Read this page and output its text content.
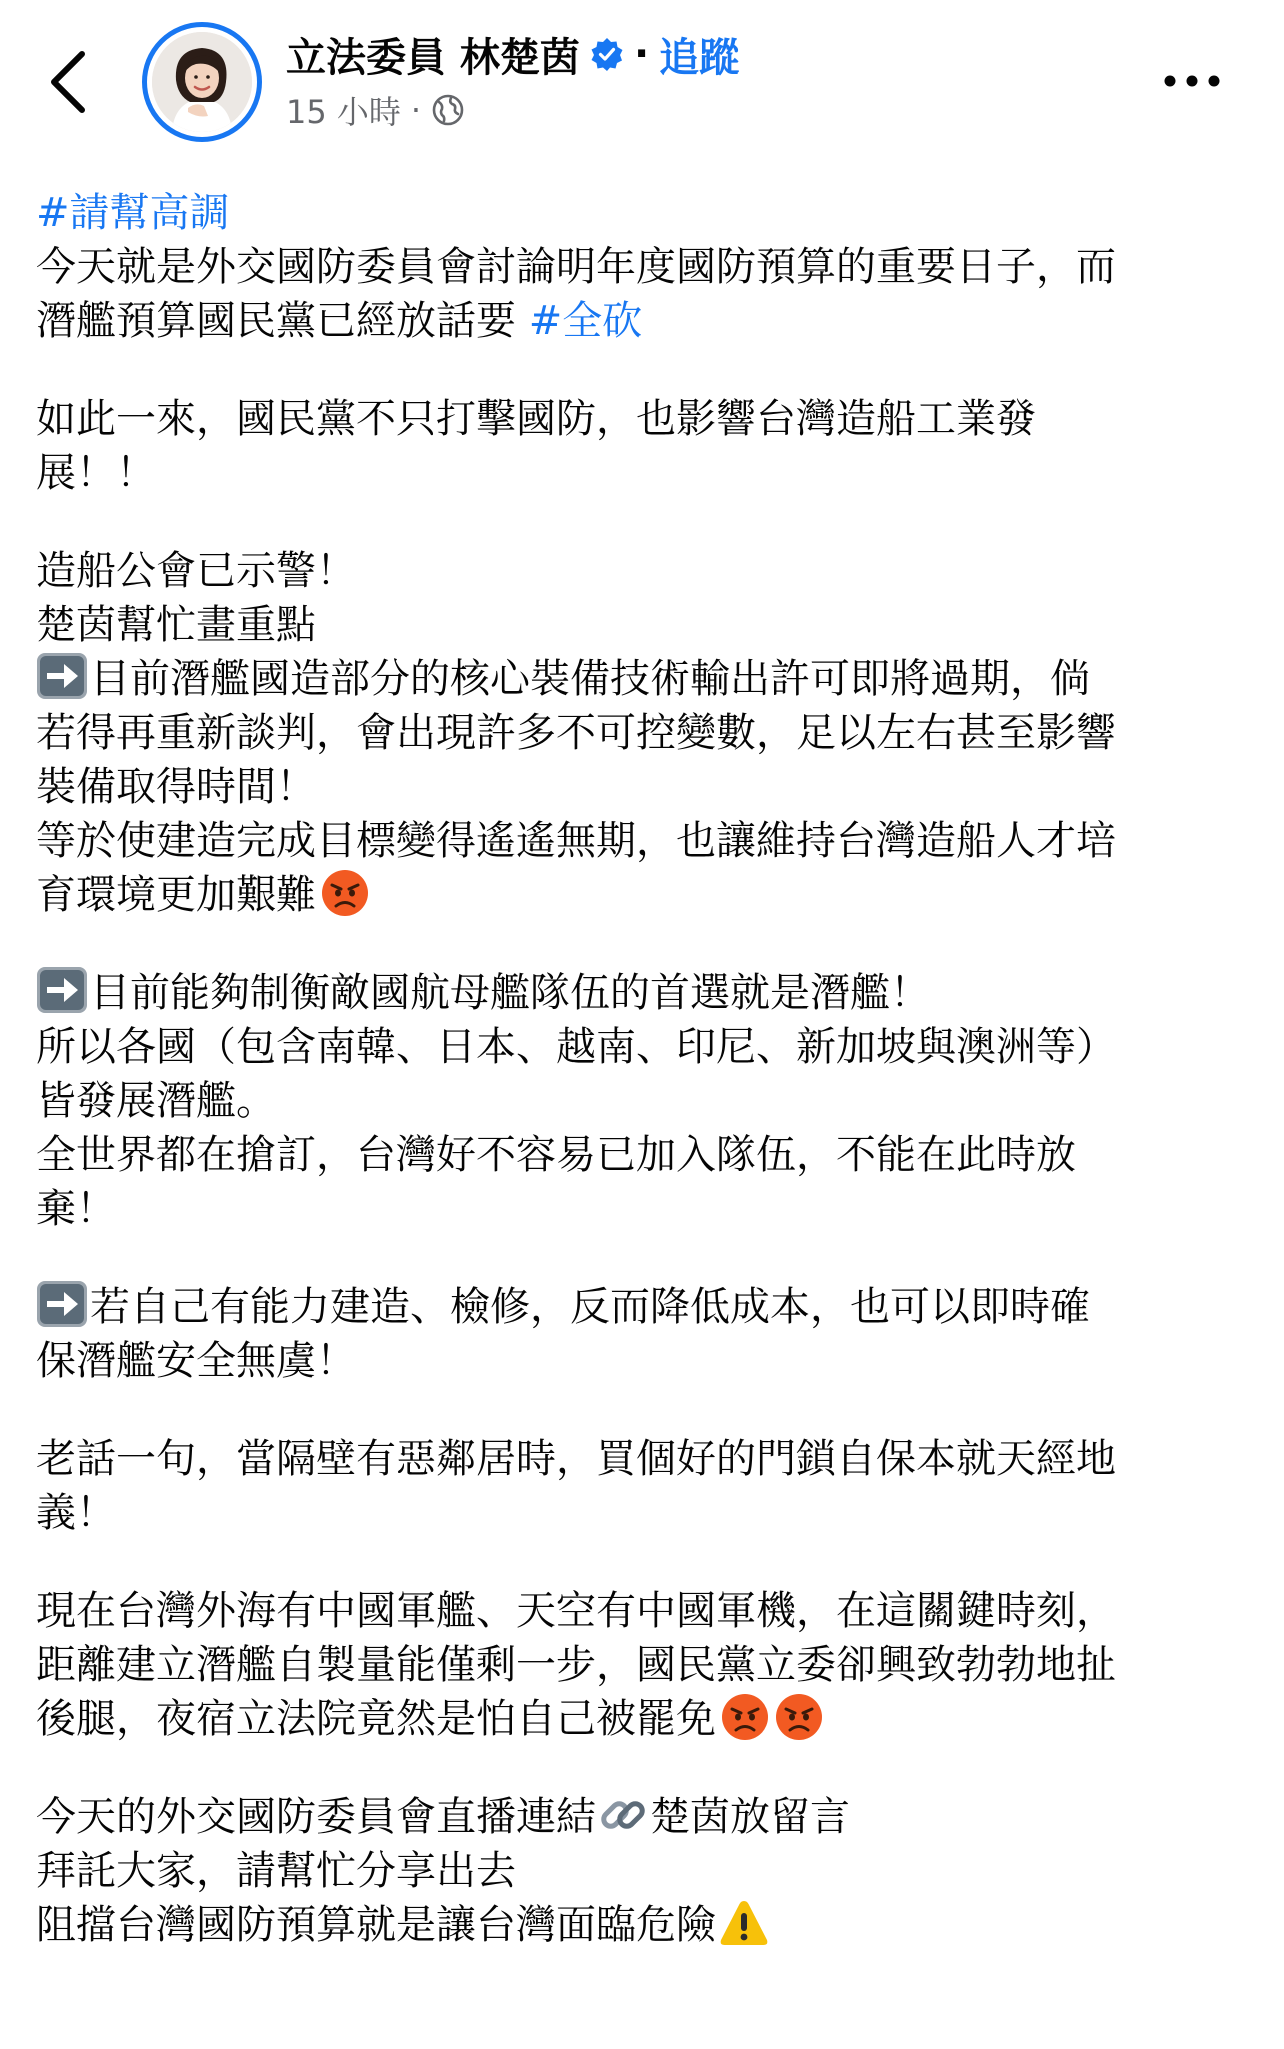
立法委員 林楚茵 · 追蹤
15 小時 ·
#請幫高調
今天就是外交國防委員會討論明年度國防預算的重要日子，而
潛艦預算國民黨已經放話要 #全砍
如此一來，國民黨不只打擊國防，也影響台灣造船工業發
展！！
造船公會已示警！
楚茵幫忙畫重點
目前潛艦國造部分的核心裝備技術輸出許可即將過期，倘
若得再重新談判，會出現許多不可控變數，足以左右甚至影響
裝備取得時間！
等於使建造完成目標變得遙遙無期，也讓維持台灣造船人才培
育環境更加艱難
目前能夠制衡敵國航母艦隊伍的首選就是潛艦！
所以各國（包含南韓、日本、越南、印尼、新加坡與澳洲等）
皆發展潛艦。
全世界都在搶訂，台灣好不容易已加入隊伍，不能在此時放
棄！
若自己有能力建造、檢修，反而降低成本，也可以即時確
保潛艦安全無虞！
老話一句，當隔壁有惡鄰居時，買個好的門鎖自保本就天經地
義！
現在台灣外海有中國軍艦、天空有中國軍機，在這關鍵時刻，
距離建立潛艦自製量能僅剩一步，國民黨立委卻興致勃勃地扯
後腿，夜宿立法院竟然是怕自己被罷免
今天的外交國防委員會直播連結 楚茵放留言
拜託大家，請幫忙分享出去
阻擋台灣國防預算就是讓台灣面臨危險
